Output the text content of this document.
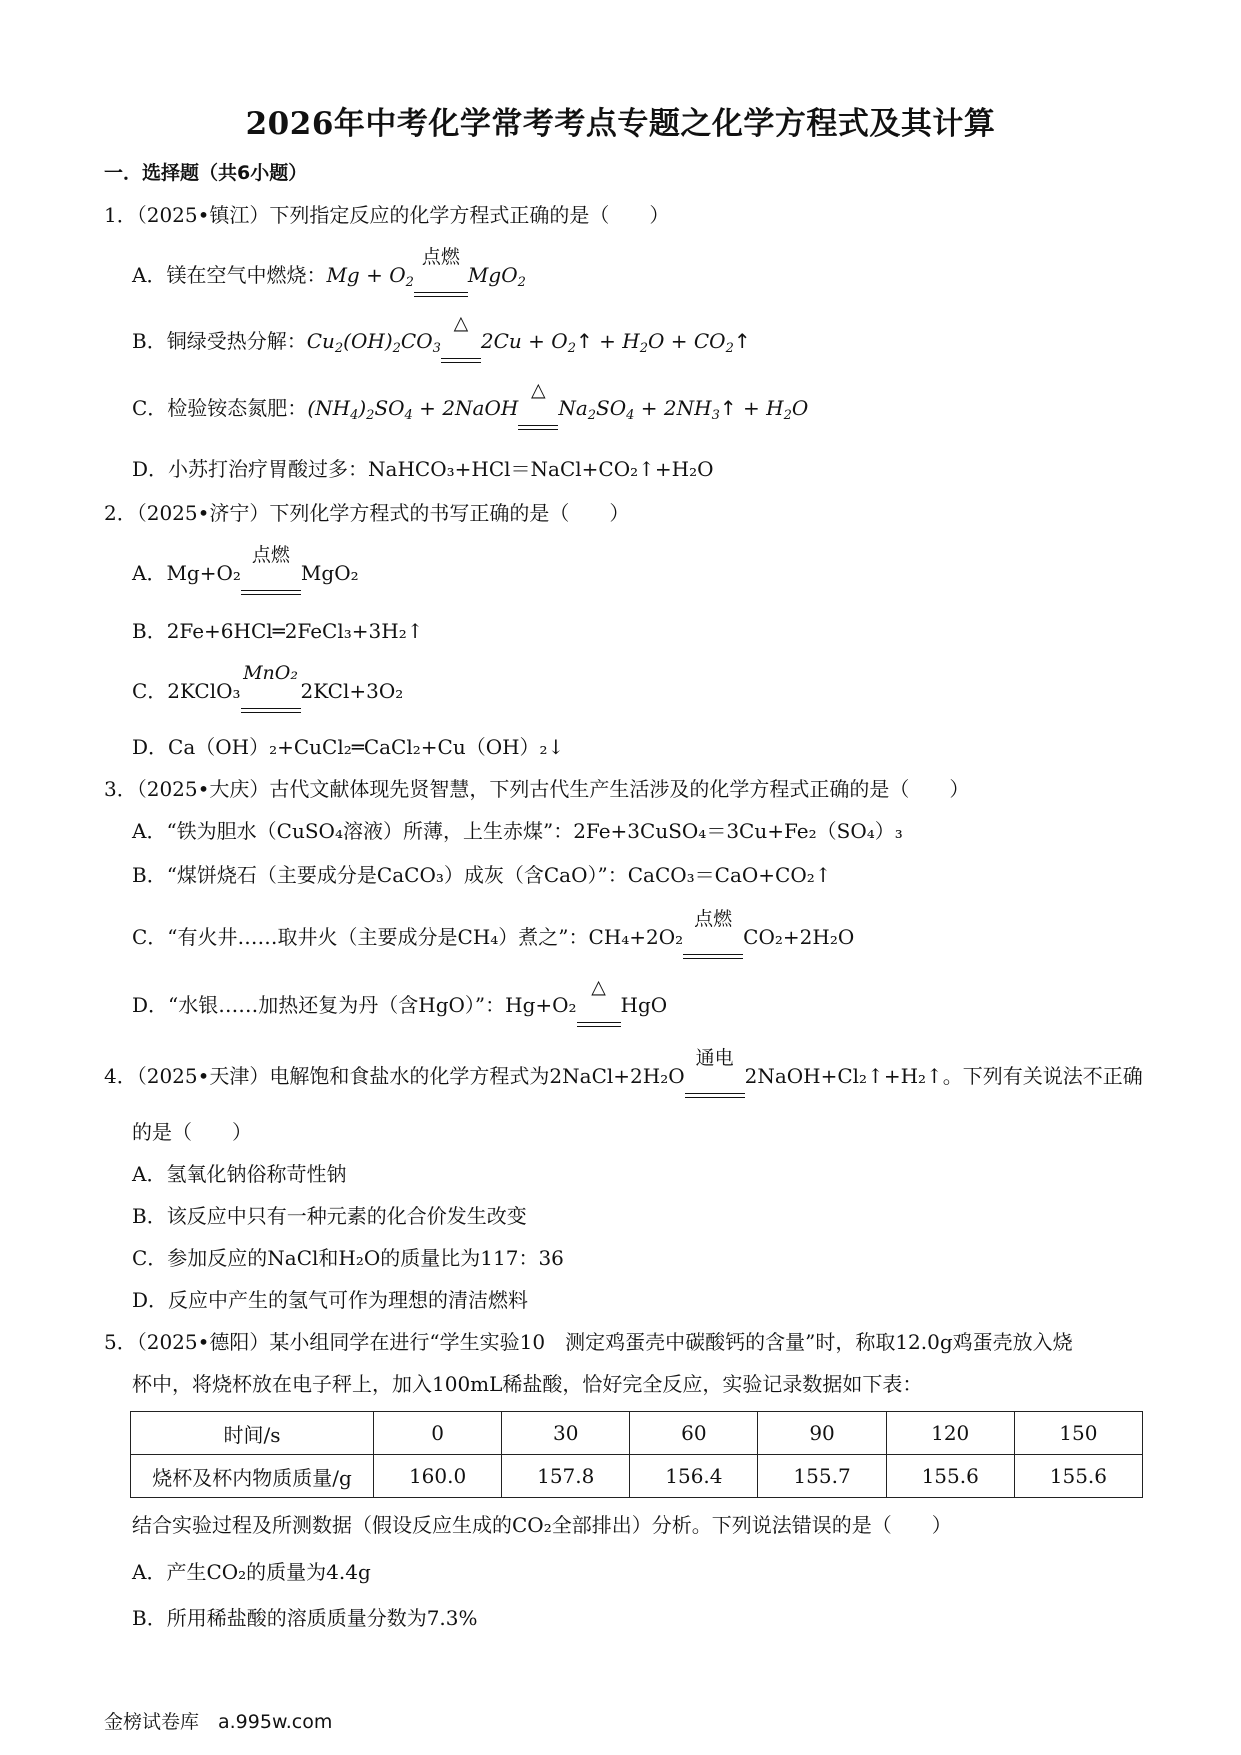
2026年中考化学常考考点专题之化学方程式及其计算
一．选择题（共6小题）
1．（2025•镇江）下列指定反应的化学方程式正确的是（　　）
A．镁在空气中燃烧：$Mg + O_2$
点燃
MgO$_2$
B．铜绿受热分解：$Cu_2(OH)_2CO_3$
△
$2Cu + O_2↑ + H_2O$ + $CO_2↑$
C．检验铵态氮肥：$(NH_4)_2SO_4$ + 2NaOH
△
$Na_2SO_4$ + $2NH_3↑ + H_2O$
D．小苏打治疗胃酸过多：NaHCO₃+HCl＝NaCl+CO₂↑+H₂O
2．（2025•济宁）下列化学方程式的书写正确的是（　　）
A．Mg+O₂
点燃
MgO₂
B．2Fe+6HCl═2FeCl₃+3H₂↑
C．2KClO₃
MnO₂
2KCl+3O₂
D．Ca（OH）₂+CuCl₂═CaCl₂+Cu（OH）₂↓
3．（2025•大庆）古代文献体现先贤智慧，下列古代生产生活涉及的化学方程式正确的是（　　）
A．“铁为胆水（CuSO₄溶液）所薄，上生赤煤”：2Fe+3CuSO₄＝3Cu+Fe₂（SO₄）₃
B．“煤饼烧石（主要成分是CaCO₃）成灰（含CaO）”：CaCO₃＝CaO+CO₂↑
C．“有火井……取井火（主要成分是CH₄）煮之”：CH₄+2O₂
点燃
CO₂+2H₂O
D．“水银……加热还复为丹（含HgO）”：Hg+O₂
△
HgO
4．（2025•天津）电解饱和食盐水的化学方程式为2NaCl+2H₂O
通电
2NaOH+Cl₂↑+H₂↑。下列有关说法不正确
的是（　　）
A．氢氧化钠俗称苛性钠
B．该反应中只有一种元素的化合价发生改变
C．参加反应的NaCl和H₂O的质量比为117：36
D．反应中产生的氢气可作为理想的清洁燃料
5．（2025•德阳）某小组同学在进行“学生实验10　测定鸡蛋壳中碳酸钙的含量”时，称取12.0g鸡蛋壳放入烧
杯中，将烧杯放在电子秤上，加入100mL稀盐酸，恰好完全反应，实验记录数据如下表：
时间/s	0	30	60	90	120	150
烧杯及杯内物质质量/g	160.0	157.8	156.4	155.7	155.6	155.6
结合实验过程及所测数据（假设反应生成的CO₂全部排出）分析。下列说法错误的是（　　）
A．产生CO₂的质量为4.4g
B．所用稀盐酸的溶质质量分数为7.3%
金榜试卷库　a.995w.com
